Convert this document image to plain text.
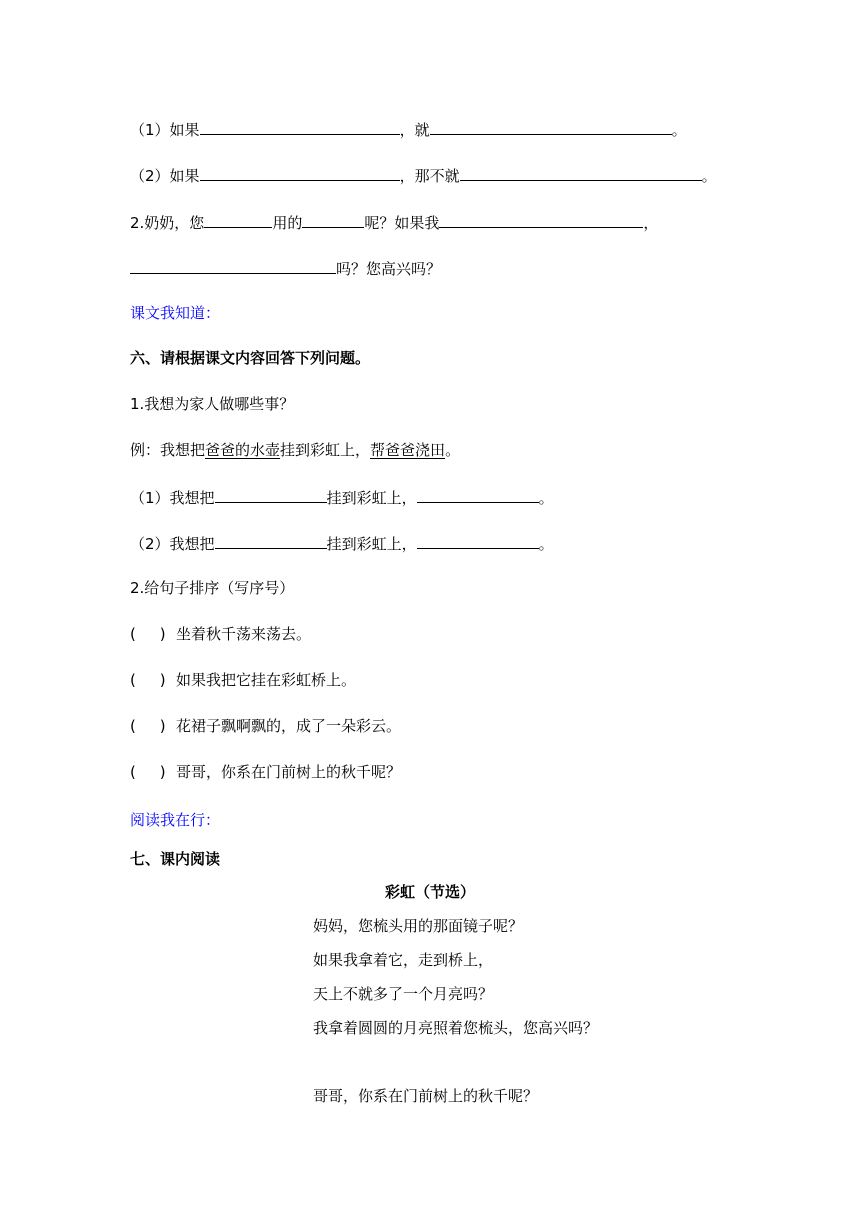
（1）如果	，就	。
（2）如果	，那不就	。
2.奶奶，您	用的	呢？如果我	，
吗？您高兴吗？
课文我知道：
六、请根据课文内容回答下列问题。
1.我想为家人做哪些事？
例：我想把爸爸的水壶挂到彩虹上，帮爸爸浇田。
（1）我想把	挂到彩虹上，	。
（2）我想把	挂到彩虹上，	。
2.给句子排序（写序号）
( ) 坐着秋千荡来荡去。
( ) 如果我把它挂在彩虹桥上。
( ) 花裙子飘啊飘的，成了一朵彩云。
( ) 哥哥，你系在门前树上的秋千呢？
阅读我在行：
七、课内阅读
彩虹（节选）
妈妈，您梳头用的那面镜子呢？
如果我拿着它，走到桥上，
天上不就多了一个月亮吗？
我拿着圆圆的月亮照着您梳头，您高兴吗？
哥哥，你系在门前树上的秋千呢？
